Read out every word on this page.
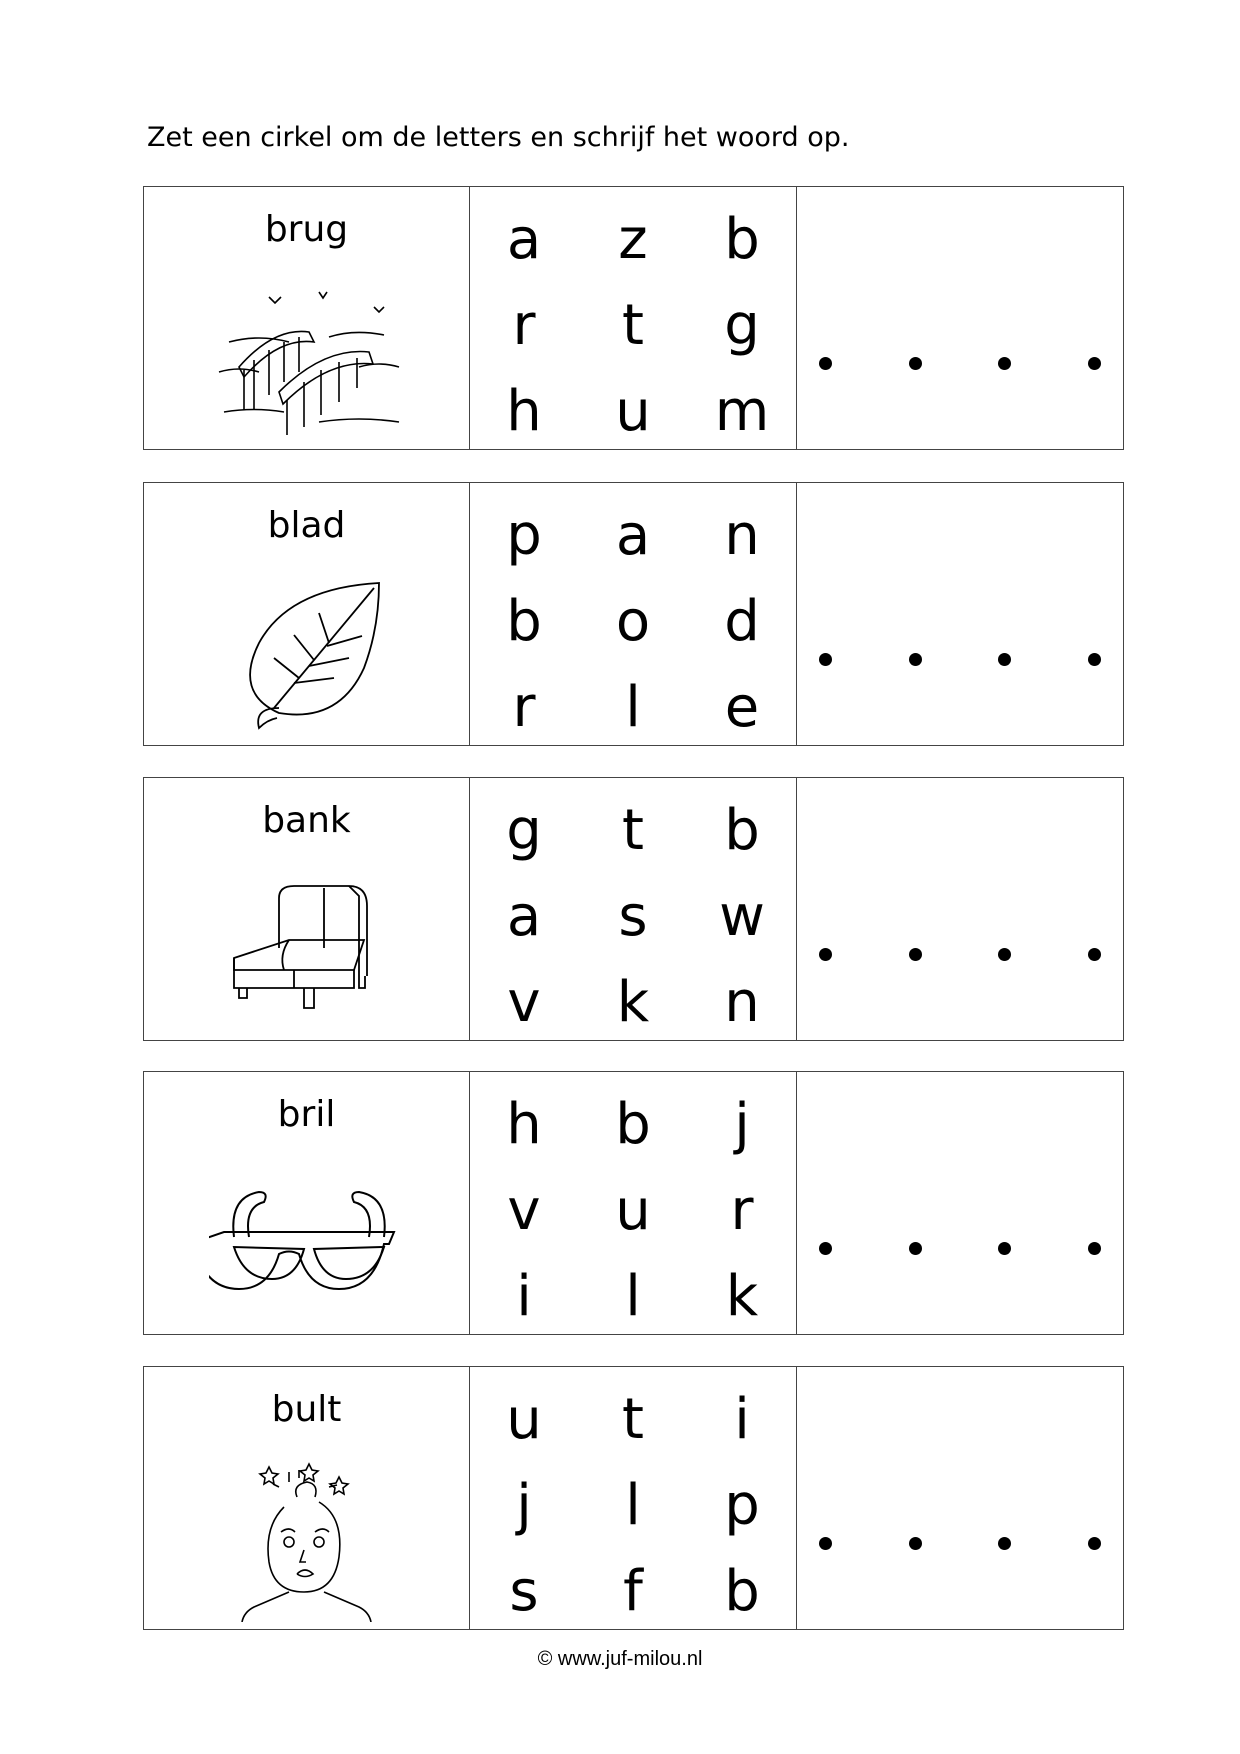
Zet een cirkel om de letters en schrijf het woord op.
brug	a	z	b
r	t	g
h	u	m
blad	p	a	n
b	o	d
r	l	e
bank	g	t	b
a	s	w
v	k	n
bril	h	b	j
v	u	r
i	l	k
bult	u	t	i
j	l	p
s	f	b
© www.juf-milou.nl
